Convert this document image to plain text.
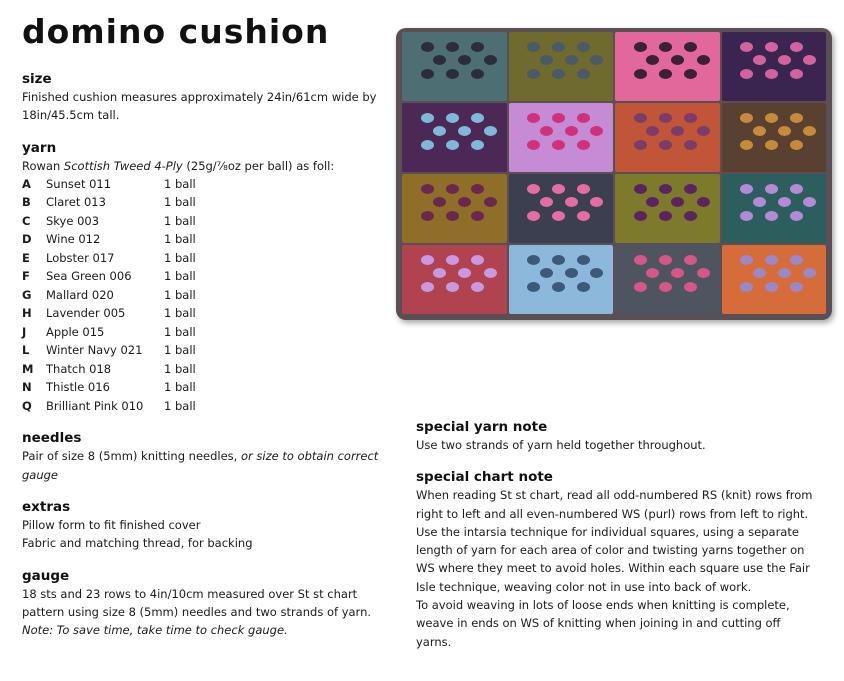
domino cushion
size

Finished cushion measures approximately 24in/61cm wide by 18in/45.5cm tall.

yarn

Rowan Scottish Tweed 4-Ply (25g/⅞oz per ball) as foll:

A	Sunset 011	1 ball
B	Claret 013	1 ball
C	Skye 003	1 ball
D	Wine 012	1 ball
E	Lobster 017	1 ball
F	Sea Green 006	1 ball
G	Mallard 020	1 ball
H	Lavender 005	1 ball
J	Apple 015	1 ball
L	Winter Navy 021	1 ball
M	Thatch 018	1 ball
N	Thistle 016	1 ball
Q	Brilliant Pink 010	1 ball
needles

Pair of size 8 (5mm) knitting needles, or size to obtain correct gauge

extras

Pillow form to fit finished cover

Fabric and matching thread, for backing

gauge

18 sts and 23 rows to 4in/10cm measured over St st chart pattern using size 8 (5mm) needles and two strands of yarn. Note: To save time, take time to check gauge.

special yarn note

Use two strands of yarn held together throughout.

special chart note

When reading St st chart, read all odd-numbered RS (knit) rows from right to left and all even-numbered WS (purl) rows from left to right. Use the intarsia technique for individual squares, using a separate length of yarn for each area of color and twisting yarns together on WS where they meet to avoid holes. Within each square use the Fair Isle technique, weaving color not in use into back of work.

To avoid weaving in lots of loose ends when knitting is complete, weave in ends on WS of knitting when joining in and cutting off yarns.
